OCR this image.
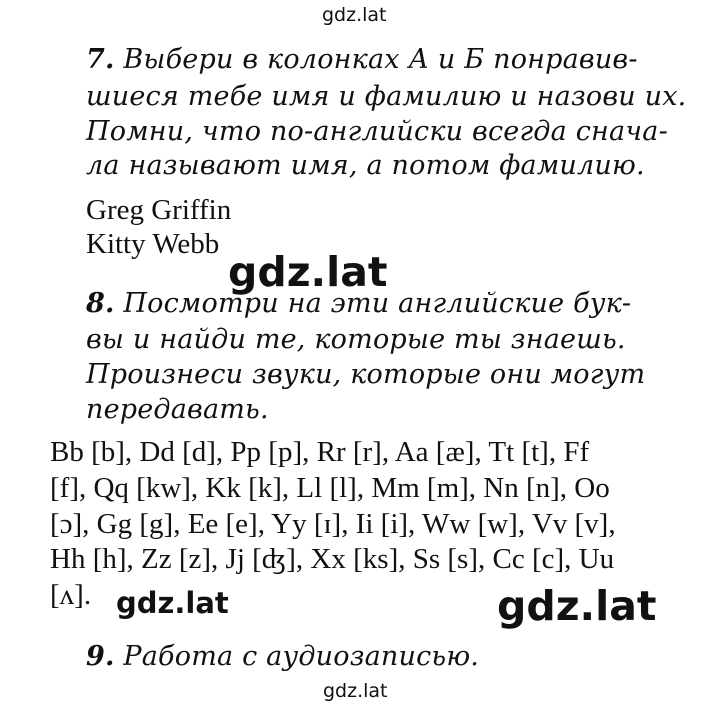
gdz.lat
7. Выбери в колонках А и Б понравив-
шиеся тебе имя и фамилию и назови их.
Помни, что по-английски всегда сначa-
ла называют имя, а потом фамилию.
Greg Griffin
Kitty Webb
gdz.lat
8. Посмотри на эти английские бук-
вы и найди те, которые ты знаешь.
Произнеси звуки, которые они могут
передавать.
Bb [b], Dd [d], Pp [p], Rr [r], Aa [æ], Tt [t], Ff
[f], Qq [kw], Kk [k], Ll [l], Mm [m], Nn [n], Oo
[ɔ], Gg [g], Ee [e], Yy [ɪ], Ii [i], Ww [w], Vv [v],
Hh [h], Zz [z], Jj [ʤ], Xx [ks], Ss [s], Cc [c], Uu
[ʌ]. gdz.lat	gdz.lat
9. Работа с аудиозаписью.
gdz.lat
